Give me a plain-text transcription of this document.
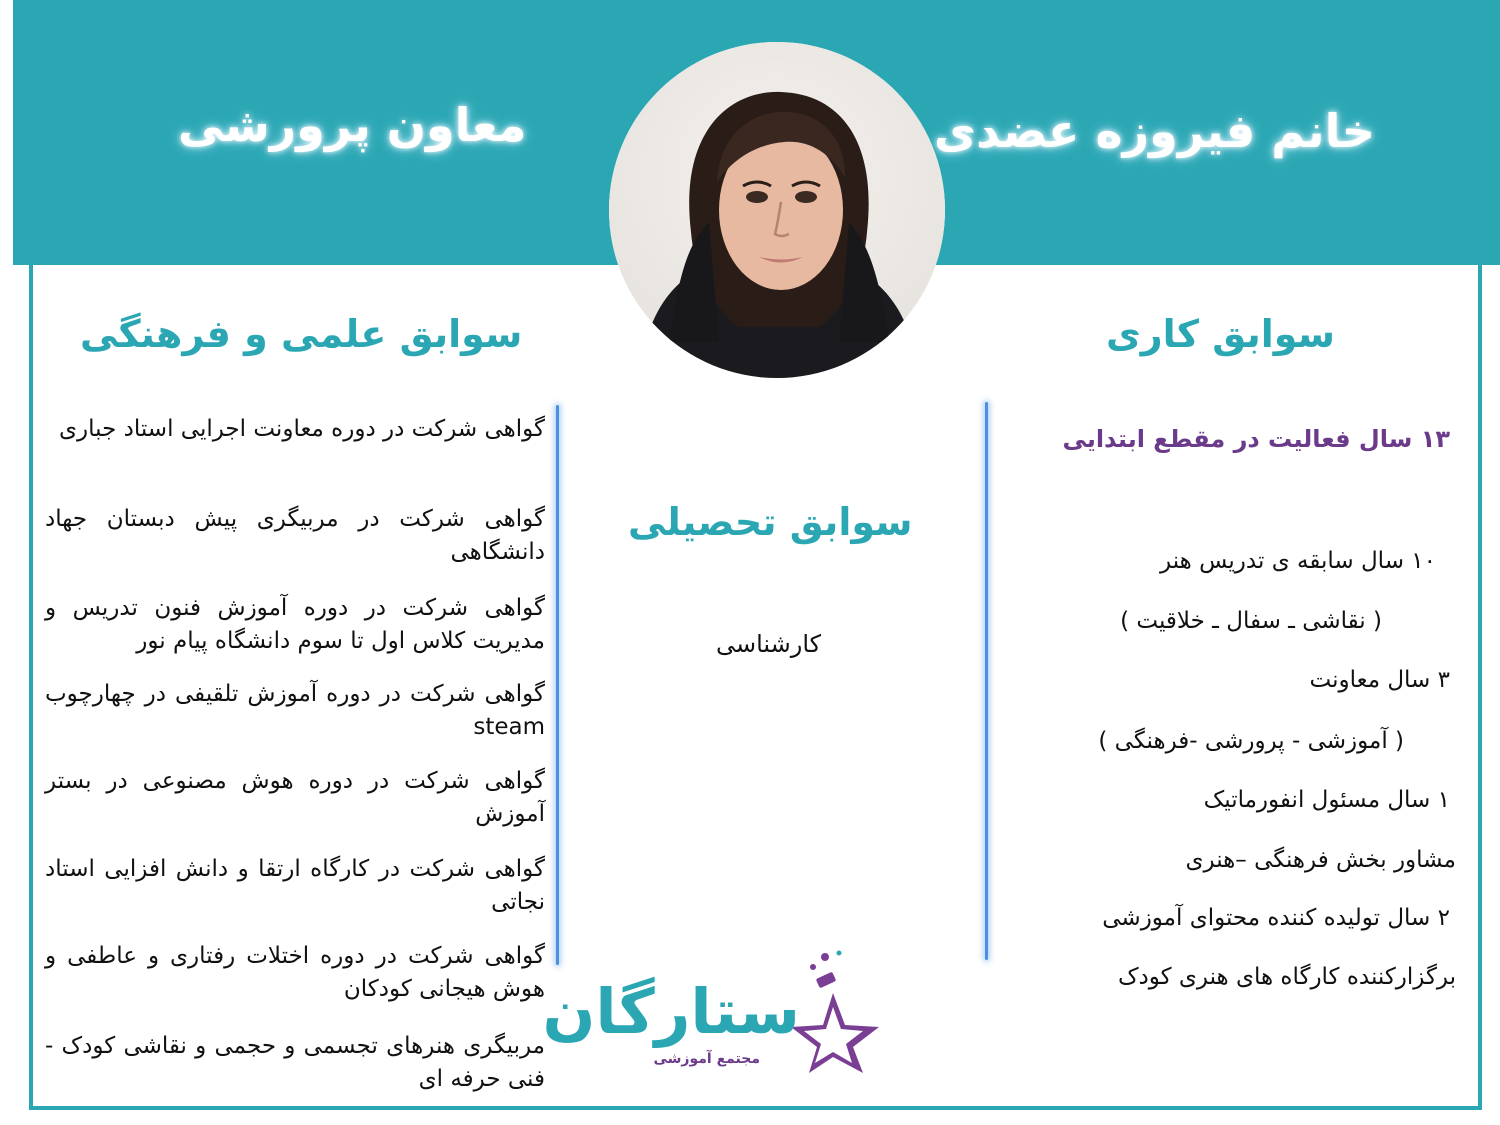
خانم فیروزه عضدی
معاون پرورشی
سوابق کاری
سوابق علمی و فرهنگی
سوابق تحصیلی
کارشناسی
۱۳ سال فعالیت در مقطع ابتدایی
۱۰ سال سابقه ی تدریس هنر
( نقاشی ـ سفال ـ خلاقیت )
۳ سال معاونت
( آموزشی - پرورشی -فرهنگی )
۱ سال مسئول انفورماتیک
مشاور بخش فرهنگی –هنری
۲ سال تولیده کننده محتوای آموزشی
برگزارکننده کارگاه های هنری کودک
گواهی شرکت در دوره معاونت اجرایی استاد جباری
گواهی شرکت در مربیگری پیش دبستان جهاد دانشگاهی
گواهی شرکت در دوره آموزش فنون تدریس و مدیریت کلاس اول تا سوم دانشگاه پیام نور
گواهی شرکت در دوره آموزش تلقیفی در چهارچوب steam
گواهی شرکت در دوره هوش مصنوعی در بستر آموزش
گواهی شرکت در کارگاه ارتقا و دانش افزایی استاد نجاتی
گواهی شرکت در دوره اختلات رفتاری و عاطفی و هوش هیجانی کودکان
مربیگری هنرهای تجسمی و حجمی و نقاشی کودک - فنی حرفه ای
ستارگان
مجتمع آموزشی
